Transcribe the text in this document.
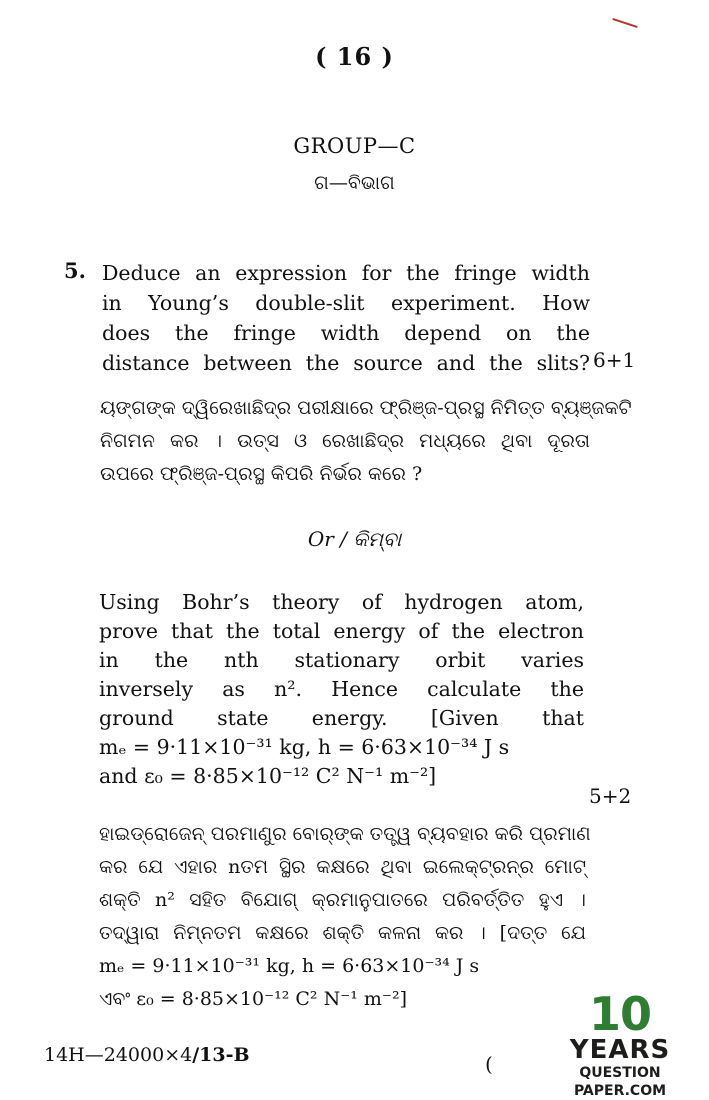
( 16 )
GROUP—C
ଗ—ବିଭାଗ
5. Deduce an expression for the fringe width
in Young’s double-slit experiment. How
does the fringe width depend on the
distance between the source and the slits? 6+1
ୟଙ୍ଗଙ୍କ ଦ୍ୱିରେଖାଛିଦ୍ର ପରୀକ୍ଷାରେ ଫ୍ରିଞ୍ଜ-ପ୍ରସ୍ଥ ନିମିତ୍ତ ବ୍ୟଞ୍ଜକଟି
ନିଗମନ କର । ଉତ୍ସ ଓ ରେଖାଛିଦ୍ର ମଧ୍ୟରେ ଥିବା ଦୂରତା
ଉପରେ ଫ୍ରିଞ୍ଜ-ପ୍ରସ୍ଥ କିପରି ନିର୍ଭର କରେ ?
Or / କିମ୍ବା
Using Bohr’s theory of hydrogen atom,
prove that the total energy of the electron
in the nth stationary orbit varies
inversely as n². Hence calculate the
ground state energy. [Given that
mₑ = 9·11×10⁻³¹ kg, h = 6·63×10⁻³⁴ J s
and ε₀ = 8·85×10⁻¹² C² N⁻¹ m⁻²]
5+2
ହାଇଡ୍ରୋଜେନ୍ ପରମାଣୁର ବୋର୍‌ଙ୍କ ତତ୍ତ୍ୱ ବ୍ୟବହାର କରି ପ୍ରମାଣ
କର ଯେ ଏହାର nତମ ସ୍ଥିର କକ୍ଷରେ ଥିବା ଇଲେକ୍‌ଟ୍ରନ୍‌ର ମୋଟ୍
ଶକ୍ତି n² ସହିତ ବିଯୋଗ୍ କ୍ରମାନୁପାତରେ ପରିବର୍ତ୍ତିତ ହୁଏ ।
ତଦ୍ୱାରା ନିମ୍ନତମ କକ୍ଷରେ ଶକ୍ତି କଳନା କର । [ଦତ୍ତ ଯେ
mₑ = 9·11×10⁻³¹ kg, h = 6·63×10⁻³⁴ J s
ଏବଂ ε₀ = 8·85×10⁻¹² C² N⁻¹ m⁻²]
14H—24000×4/13-B	(
10
YEARS
QUESTION PAPER.COM
